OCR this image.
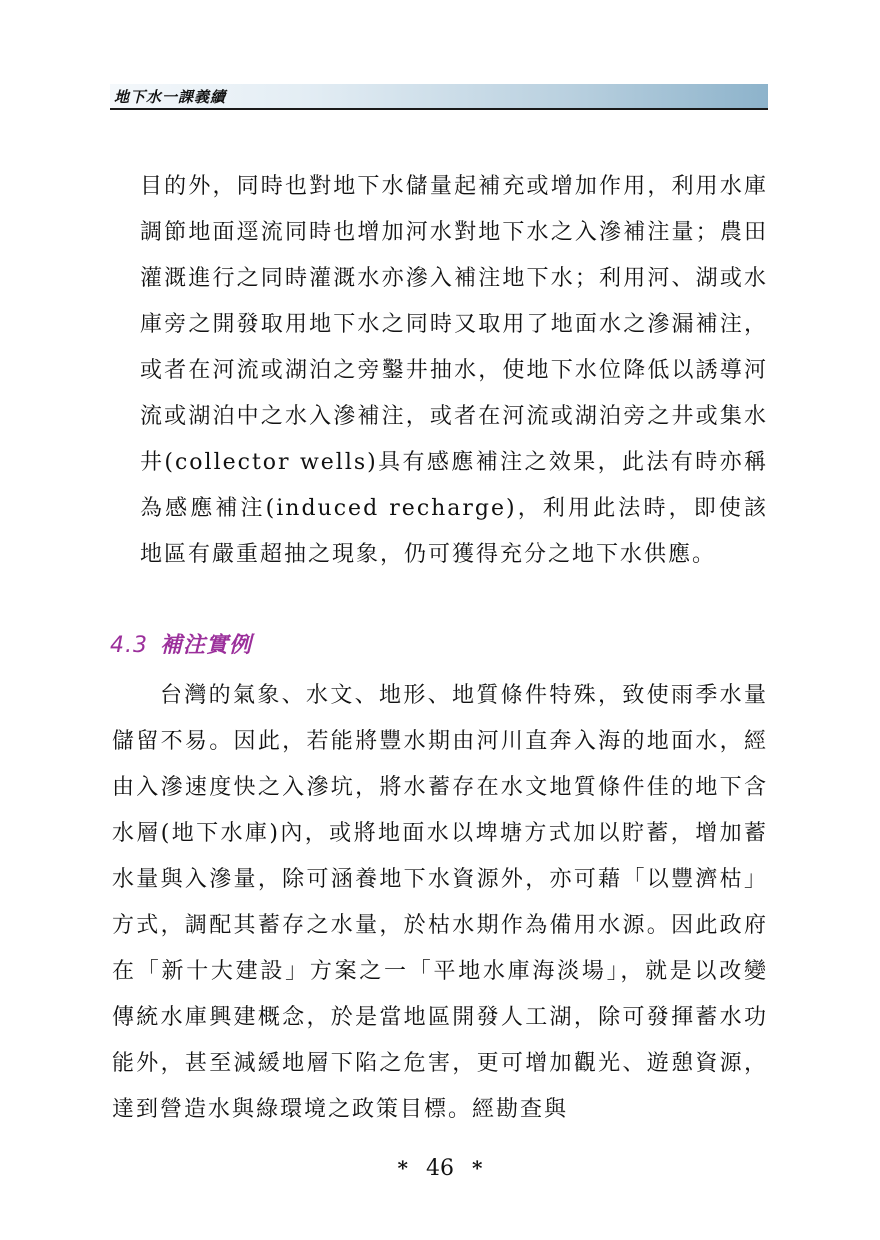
地下水一課義續

目的外，同時也對地下水儲量起補充或增加作用，利用水庫調節地面逕流同時也增加河水對地下水之入滲補注量；農田灌溉進行之同時灌溉水亦滲入補注地下水；利用河、湖或水庫旁之開發取用地下水之同時又取用了地面水之滲漏補注，或者在河流或湖泊之旁鑿井抽水，使地下水位降低以誘導河流或湖泊中之水入滲補注，或者在河流或湖泊旁之井或集水井(collector wells)具有感應補注之效果，此法有時亦稱為感應補注(induced recharge)，利用此法時，即使該地區有嚴重超抽之現象，仍可獲得充分之地下水供應。

4.3 補注實例

台灣的氣象、水文、地形、地質條件特殊，致使雨季水量儲留不易。因此，若能將豐水期由河川直奔入海的地面水，經由入滲速度快之入滲坑，將水蓄存在水文地質條件佳的地下含水層(地下水庫)內，或將地面水以埤塘方式加以貯蓄，增加蓄水量與入滲量，除可涵養地下水資源外，亦可藉「以豐濟枯」方式，調配其蓄存之水量，於枯水期作為備用水源。因此政府在「新十大建設」方案之一「平地水庫海淡場」，就是以改變傳統水庫興建概念，於是當地區開發人工湖，除可發揮蓄水功能外，甚至減緩地層下陷之危害，更可增加觀光、遊憩資源，達到營造水與綠環境之政策目標。經勘查與

* 46 *
